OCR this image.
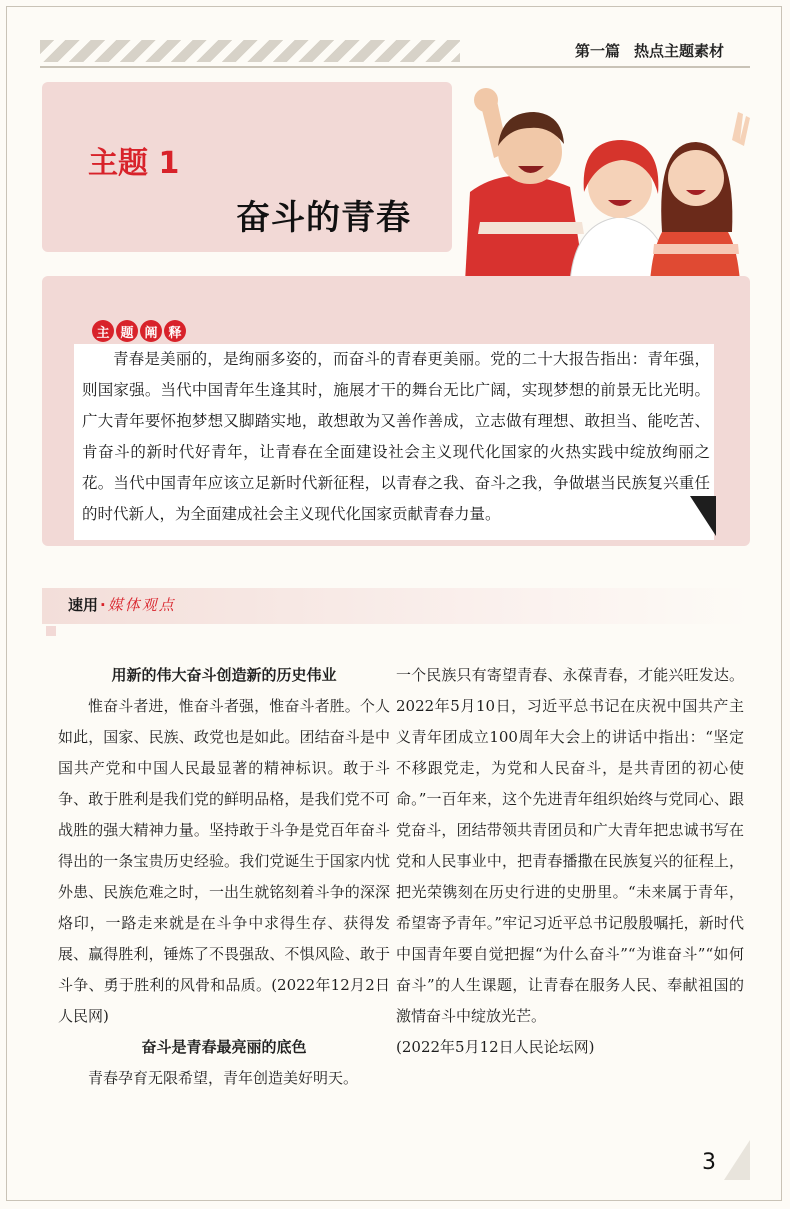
第一篇 热点主题素材
主题 1
奋斗的青春
主 题 阐 释

青春是美丽的，是绚丽多姿的，而奋斗的青春更美丽。党的二十大报告指出：青年强，则国家强。当代中国青年生逢其时，施展才干的舞台无比广阔，实现梦想的前景无比光明。广大青年要怀抱梦想又脚踏实地，敢想敢为又善作善成，立志做有理想、敢担当、能吃苦、肯奋斗的新时代好青年，让青春在全面建设社会主义现代化国家的火热实践中绽放绚丽之花。当代中国青年应该立足新时代新征程，以青春之我、奋斗之我，争做堪当民族复兴重任的时代新人，为全面建成社会主义现代化国家贡献青春力量。

速用 · 媒体观点
用新的伟大奋斗创造新的历史伟业

惟奋斗者进，惟奋斗者强，惟奋斗者胜。个人如此，国家、民族、政党也是如此。团结奋斗是中国共产党和中国人民最显著的精神标识。敢于斗争、敢于胜利是我们党的鲜明品格，是我们党不可战胜的强大精神力量。坚持敢于斗争是党百年奋斗得出的一条宝贵历史经验。我们党诞生于国家内忧外患、民族危难之时，一出生就铭刻着斗争的深深烙印，一路走来就是在斗争中求得生存、获得发展、赢得胜利，锤炼了不畏强敌、不惧风险、敢于斗争、勇于胜利的风骨和品质。(2022年12月2日人民网)

奋斗是青春最亮丽的底色

青春孕育无限希望，青年创造美好明天。

一个民族只有寄望青春、永葆青春，才能兴旺发达。2022年5月10日，习近平总书记在庆祝中国共产主义青年团成立100周年大会上的讲话中指出：“坚定不移跟党走，为党和人民奋斗，是共青团的初心使命。”一百年来，这个先进青年组织始终与党同心、跟党奋斗，团结带领共青团员和广大青年把忠诚书写在党和人民事业中，把青春播撒在民族复兴的征程上，把光荣镌刻在历史行进的史册里。“未来属于青年，希望寄予青年。”牢记习近平总书记殷殷嘱托，新时代中国青年要自觉把握“为什么奋斗”“为谁奋斗”“如何奋斗”的人生课题，让青春在服务人民、奉献祖国的激情奋斗中绽放光芒。

(2022年5月12日人民论坛网)

3
